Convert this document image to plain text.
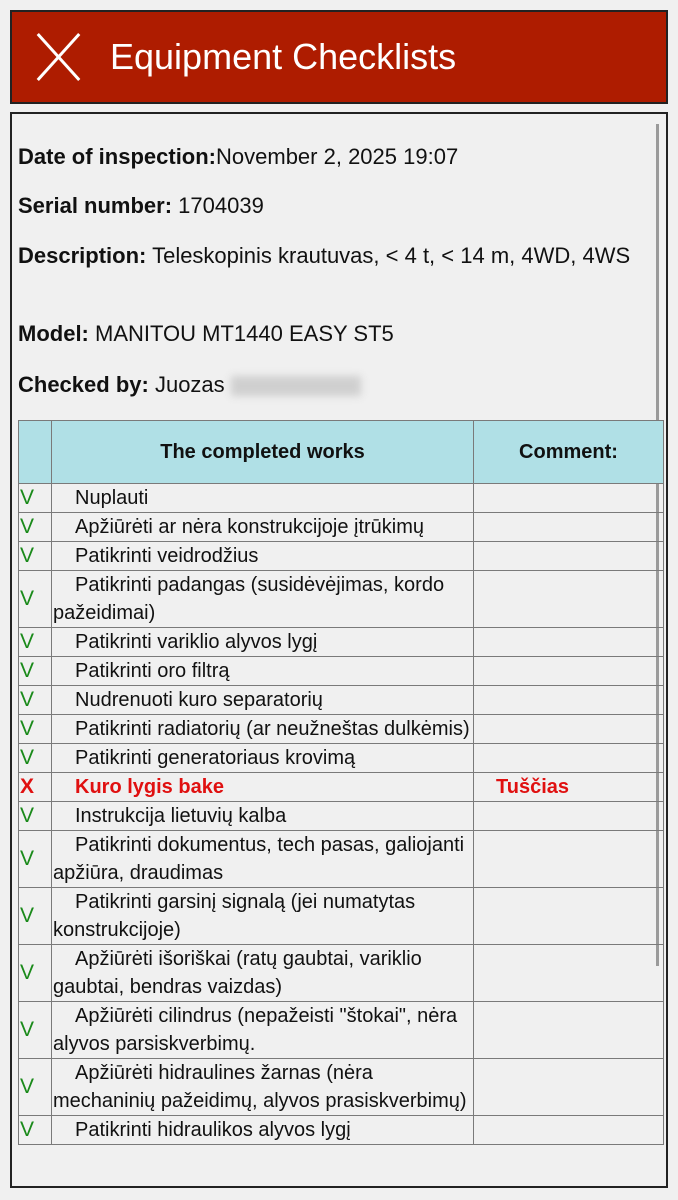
Equipment Checklists

Date of inspection:November 2, 2025 19:07

Serial number: 1704039

Description: Teleskopinis krautuvas, < 4 t, < 14 m, 4WD, 4WS

Model: MANITOU MT1440 EASY ST5

Checked by: Juozas

	The completed works	Comment:
V	Nuplauti	
V	Apžiūrėti ar nėra konstrukcijoje įtrūkimų	
V	Patikrinti veidrodžius	
V	Patikrinti padangas (susidėvėjimas, kordo pažeidimai)	
V	Patikrinti variklio alyvos lygį	
V	Patikrinti oro filtrą	
V	Nudrenuoti kuro separatorių	
V	Patikrinti radiatorių (ar neužneštas dulkėmis)	
V	Patikrinti generatoriaus krovimą	
X	Kuro lygis bake	Tuščias
V	Instrukcija lietuvių kalba	
V	Patikrinti dokumentus, tech pasas, galiojanti apžiūra, draudimas	
V	Patikrinti garsinį signalą (jei numatytas konstrukcijoje)	
V	Apžiūrėti išoriškai (ratų gaubtai, variklio gaubtai, bendras vaizdas)	
V	Apžiūrėti cilindrus (nepažeisti "štokai", nėra alyvos parsiskverbimų.	
V	Apžiūrėti hidraulines žarnas (nėra mechaninių pažeidimų, alyvos prasiskverbimų)	
V	Patikrinti hidraulikos alyvos lygį	
